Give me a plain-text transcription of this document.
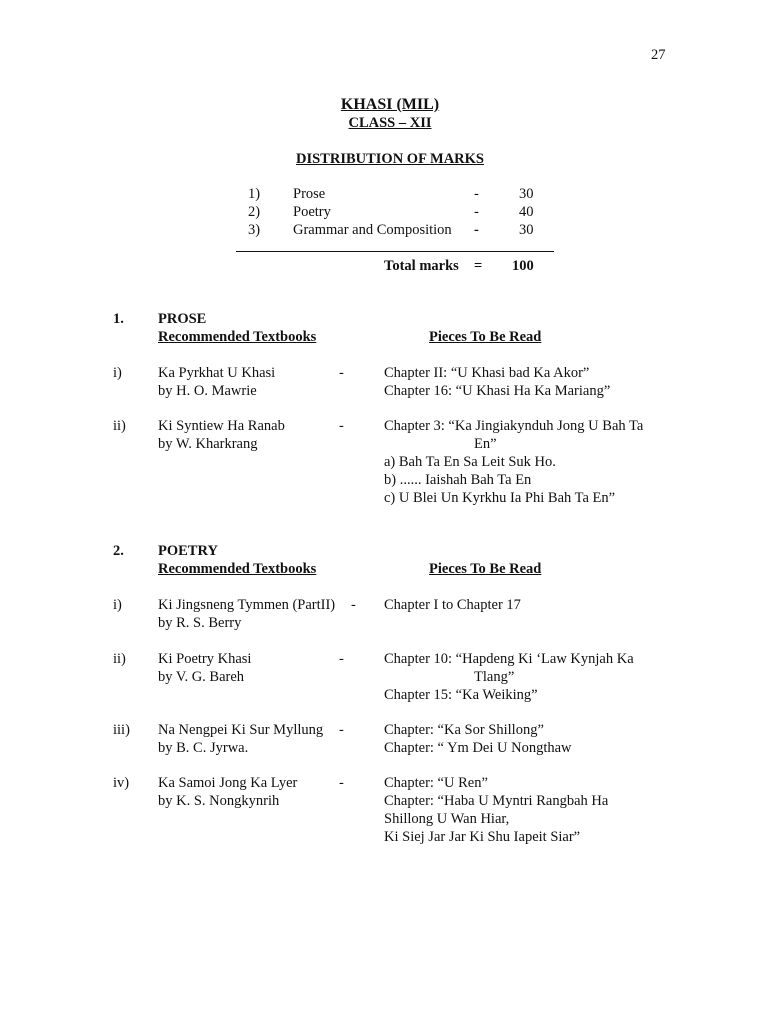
27
KHASI (MIL)
CLASS – XII
DISTRIBUTION OF MARKS
1) Prose	-	30
2) Poetry	-	40
3) Grammar and Composition -	30
Total marks = 100
1. PROSE
Recommended Textbooks	Pieces To Be Read
i) Ka Pyrkhat U Khasi
by H. O. Mawrie
-	Chapter II: “U Khasi bad Ka Akor”
Chapter 16: “U Khasi Ha Ka Mariang”
ii) Ki Syntiew Ha Ranab
by W. Kharkrang
-	Chapter 3: “Ka Jingiakynduh Jong U Bah Ta
En”
a) Bah Ta En Sa Leit Suk Ho.
b) ...... Iaishah Bah Ta En
c) U Blei Un Kyrkhu Ia Phi Bah Ta En”
2. POETRY
Recommended Textbooks	Pieces To Be Read
i) Ki Jingsneng Tymmen (PartII)
by R. S. Berry
- Chapter I to Chapter 17
ii) Ki Poetry Khasi
by V. G. Bareh
-	Chapter 10: “Hapdeng Ki ‘Law Kynjah Ka
Tlang”
Chapter 15: “Ka Weiking”
iii) Na Nengpei Ki Sur Myllung
by B. C. Jyrwa.
-	Chapter: “Ka Sor Shillong”
Chapter: “ Ym Dei U Nongthaw
iv) Ka Samoi Jong Ka Lyer
by K. S. Nongkynrih
-	Chapter: “U Ren”
Chapter: “Haba U Myntri Rangbah Ha
Shillong U Wan Hiar,
Ki Siej Jar Jar Ki Shu Iapeit Siar”
